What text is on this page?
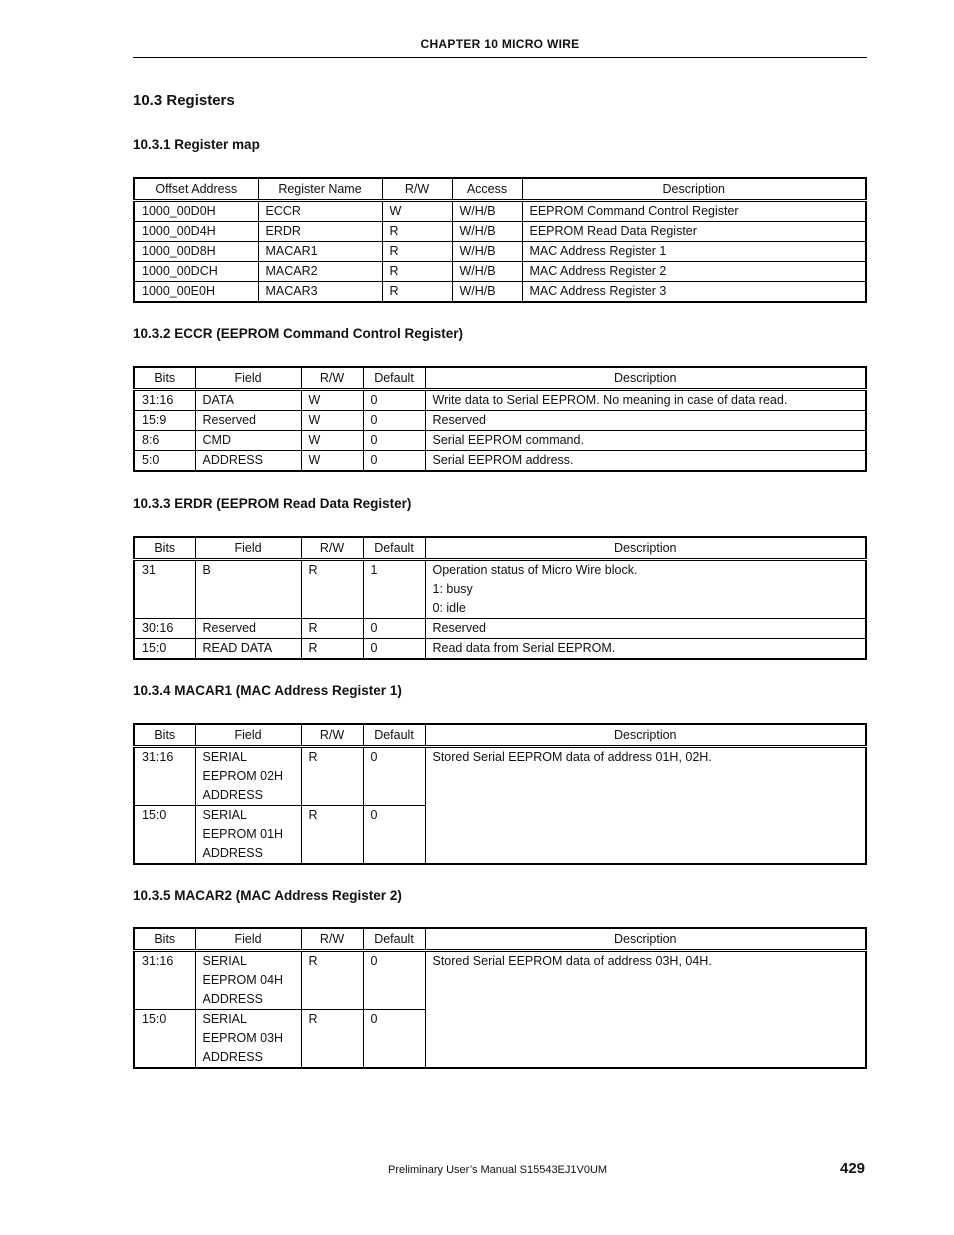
CHAPTER 10 MICRO WIRE
10.3 Registers
10.3.1 Register map
Offset Address	Register Name	R/W	Access	Description
1000_00D0H	ECCR	W	W/H/B	EEPROM Command Control Register
1000_00D4H	ERDR	R	W/H/B	EEPROM Read Data Register
1000_00D8H	MACAR1	R	W/H/B	MAC Address Register 1
1000_00DCH	MACAR2	R	W/H/B	MAC Address Register 2
1000_00E0H	MACAR3	R	W/H/B	MAC Address Register 3
10.3.2 ECCR (EEPROM Command Control Register)
Bits	Field	R/W	Default	Description
31:16	DATA	W	0	Write data to Serial EEPROM. No meaning in case of data read.
15:9	Reserved	W	0	Reserved
8:6	CMD	W	0	Serial EEPROM command.
5:0	ADDRESS	W	0	Serial EEPROM address.
10.3.3 ERDR (EEPROM Read Data Register)
Bits	Field	R/W	Default	Description
31	B	R	1	Operation status of Micro Wire block.
1: busy
0: idle

30:16	Reserved	R	0	Reserved
15:0	READ DATA	R	0	Read data from Serial EEPROM.
10.3.4 MACAR1 (MAC Address Register 1)
Bits	Field	R/W	Default	Description
31:16	SERIAL
EEPROM 02H
ADDRESS	R	0	Stored Serial EEPROM data of address 01H, 02H.
15:0	SERIAL
EEPROM 01H
ADDRESS	R	0	
10.3.5 MACAR2 (MAC Address Register 2)
Bits	Field	R/W	Default	Description
31:16	SERIAL
EEPROM 04H
ADDRESS	R	0	Stored Serial EEPROM data of address 03H, 04H.
15:0	SERIAL
EEPROM 03H
ADDRESS	R	0	
Preliminary User’s Manual S15543EJ1V0UM	429
